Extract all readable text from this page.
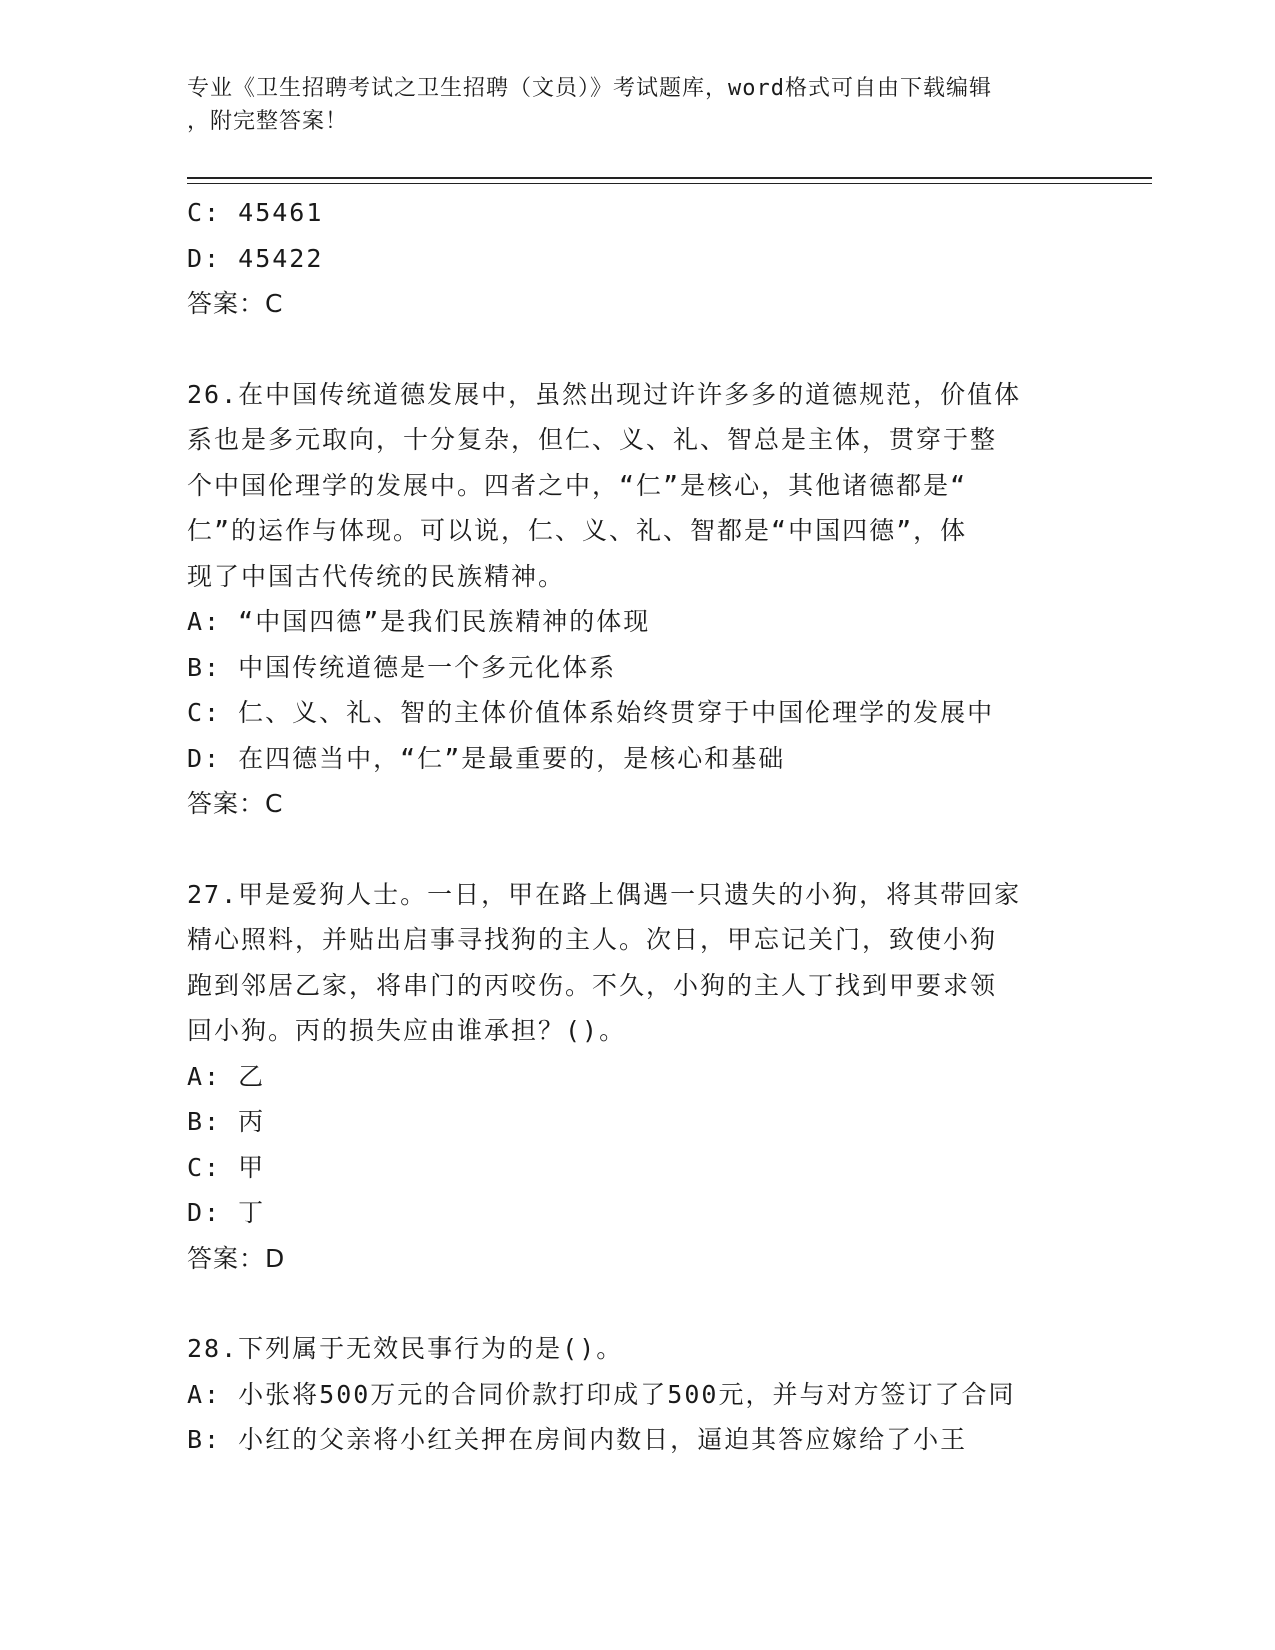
专业《卫生招聘考试之卫生招聘（文员）》考试题库，word格式可自由下载编辑
，附完整答案！
C: 45461
D: 45422
答案：C
26.在中国传统道德发展中，虽然出现过许许多多的道德规范，价值体
系也是多元取向，十分复杂，但仁、义、礼、智总是主体，贯穿于整
个中国伦理学的发展中。四者之中，“仁”是核心，其他诸德都是“
仁”的运作与体现。可以说，仁、义、礼、智都是“中国四德”，体
现了中国古代传统的民族精神。
A: “中国四德”是我们民族精神的体现
B: 中国传统道德是一个多元化体系
C: 仁、义、礼、智的主体价值体系始终贯穿于中国伦理学的发展中
D: 在四德当中，“仁”是最重要的，是核心和基础
答案：C
27.甲是爱狗人士。一日，甲在路上偶遇一只遗失的小狗，将其带回家
精心照料，并贴出启事寻找狗的主人。次日，甲忘记关门，致使小狗
跑到邻居乙家，将串门的丙咬伤。不久，小狗的主人丁找到甲要求领
回小狗。丙的损失应由谁承担？()。
A: 乙
B: 丙
C: 甲
D: 丁
答案：D
28.下列属于无效民事行为的是()。
A: 小张将500万元的合同价款打印成了500元，并与对方签订了合同
B: 小红的父亲将小红关押在房间内数日，逼迫其答应嫁给了小王
